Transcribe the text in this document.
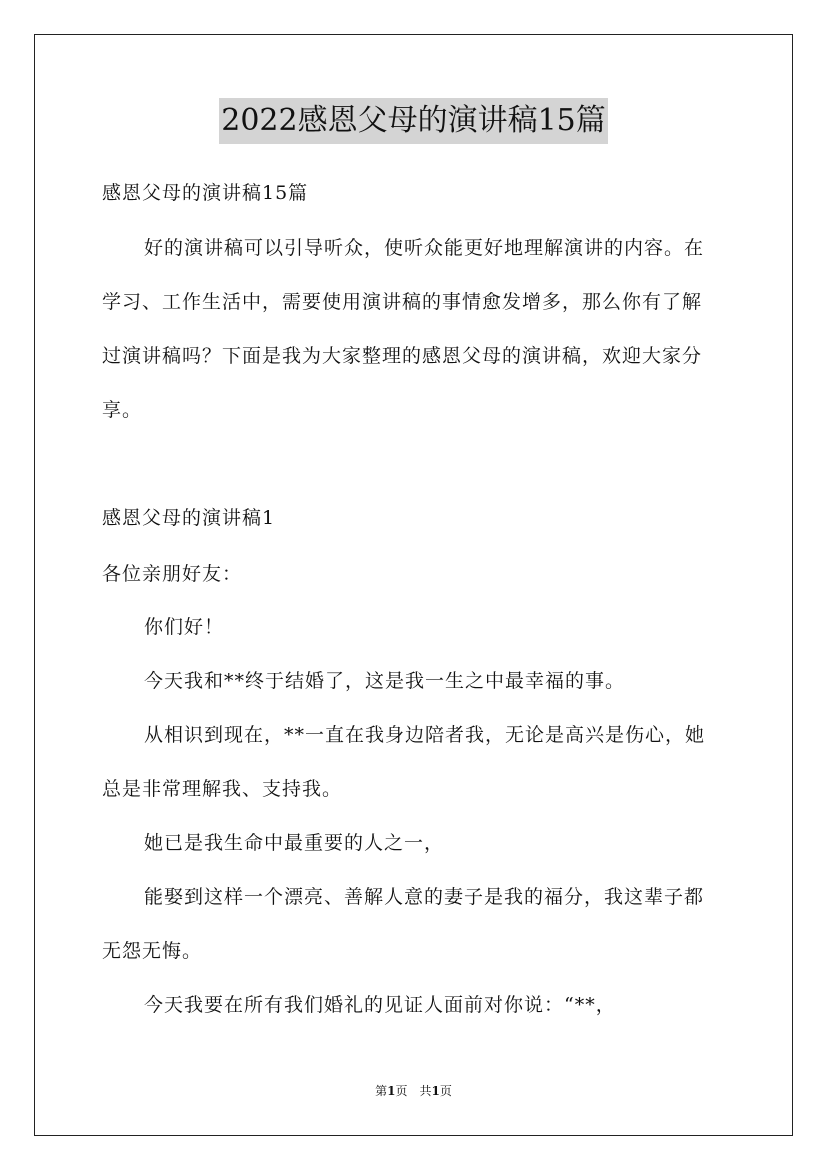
2022感恩父母的演讲稿15篇
感恩父母的演讲稿15篇
好的演讲稿可以引导听众，使听众能更好地理解演讲的内容。在
学习、工作生活中，需要使用演讲稿的事情愈发增多，那么你有了解
过演讲稿吗？下面是我为大家整理的感恩父母的演讲稿，欢迎大家分
享。
感恩父母的演讲稿1
各位亲朋好友：
你们好！
今天我和**终于结婚了，这是我一生之中最幸福的事。
从相识到现在，**一直在我身边陪者我，无论是高兴是伤心，她
总是非常理解我、支持我。
她已是我生命中最重要的人之一，
能娶到这样一个漂亮、善解人意的妻子是我的福分，我这辈子都
无怨无悔。
今天我要在所有我们婚礼的见证人面前对你说：“**，
第1页　共1页
